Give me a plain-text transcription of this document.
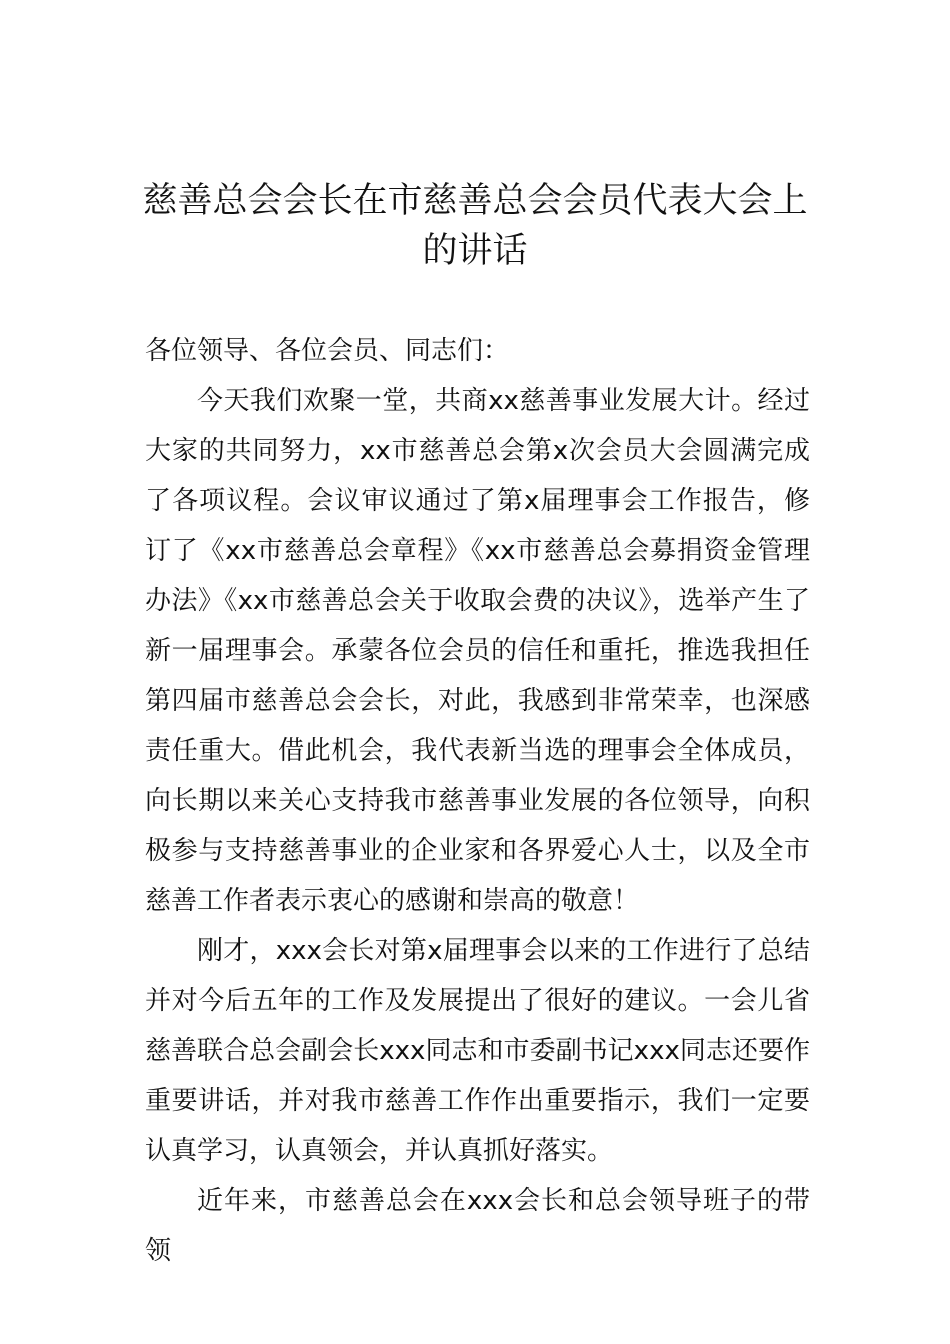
慈善总会会长在市慈善总会会员代表大会上的讲话

各位领导、各位会员、同志们：

今天我们欢聚一堂，共商xx慈善事业发展大计。经过大家的共同努力，xx市慈善总会第x次会员大会圆满完成了各项议程。会议审议通过了第x届理事会工作报告，修订了《xx市慈善总会章程》《xx市慈善总会募捐资金管理办法》《xx市慈善总会关于收取会费的决议》，选举产生了新一届理事会。承蒙各位会员的信任和重托，推选我担任第四届市慈善总会会长，对此，我感到非常荣幸，也深感责任重大。借此机会，我代表新当选的理事会全体成员，向长期以来关心支持我市慈善事业发展的各位领导，向积极参与支持慈善事业的企业家和各界爱心人士，以及全市慈善工作者表示衷心的感谢和崇高的敬意！

刚才，xxx会长对第x届理事会以来的工作进行了总结并对今后五年的工作及发展提出了很好的建议。一会儿省慈善联合总会副会长xxx同志和市委副书记xxx同志还要作重要讲话，并对我市慈善工作作出重要指示，我们一定要认真学习，认真领会，并认真抓好落实。

近年来，市慈善总会在xxx会长和总会领导班子的带领
